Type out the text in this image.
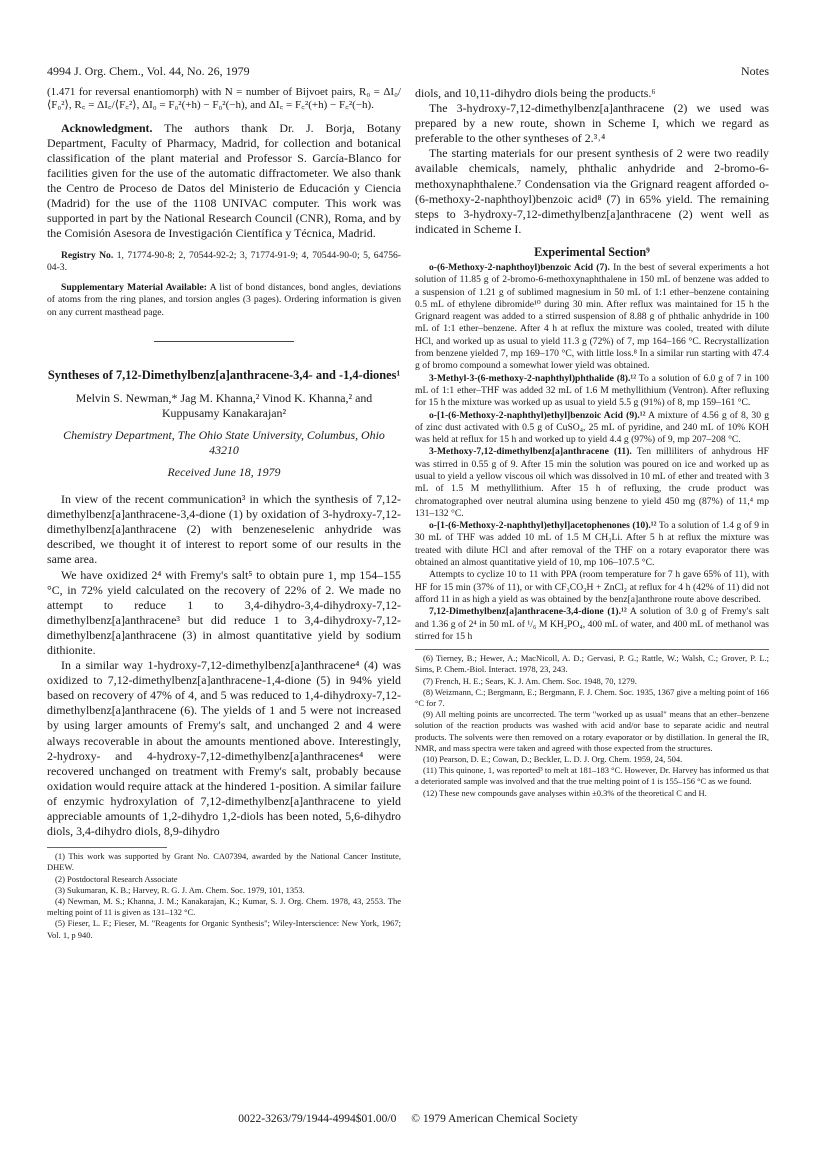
4994 J. Org. Chem., Vol. 44, No. 26, 1979	Notes

(1.471 for reversal enantiomorph) with N = number of Bijvoet pairs, R₀ = ΔI₀/⟨F₀²⟩, R꜀ = ΔI꜀/⟨F꜀²⟩, ΔI₀ = F₀²(+h) − F₀²(−h), and ΔI꜀ = F꜀²(+h) − F꜀²(−h).

Acknowledgment. The authors thank Dr. J. Borja, Botany Department, Faculty of Pharmacy, Madrid, for collection and botanical classification of the plant material and Professor S. García-Blanco for facilities given for the use of the automatic diffractometer. We also thank the Centro de Proceso de Datos del Ministerio de Educación y Ciencia (Madrid) for the use of the 1108 UNIVAC computer. This work was supported in part by the National Research Council (CNR), Roma, and by the Comisión Asesora de Investigación Científica y Técnica, Madrid.

Registry No. 1, 71774-90-8; 2, 70544-92-2; 3, 71774-91-9; 4, 70544-90-0; 5, 64756-04-3.

Supplementary Material Available: A list of bond distances, bond angles, deviations of atoms from the ring planes, and torsion angles (3 pages). Ordering information is given on any current masthead page.

Syntheses of 7,12-Dimethylbenz[a]anthracene-3,4- and -1,4-diones¹

Melvin S. Newman,* Jag M. Khanna,² Vinod K. Khanna,² and Kuppusamy Kanakarajan²

Chemistry Department, The Ohio State University, Columbus, Ohio 43210

Received June 18, 1979

In view of the recent communication³ in which the synthesis of 7,12-dimethylbenz[a]anthracene-3,4-dione (1) by oxidation of 3-hydroxy-7,12-dimethylbenz[a]anthracene (2) with benzeneselenic anhydride was described, we thought it of interest to report some of our results in the same area.

We have oxidized 2⁴ with Fremy's salt⁵ to obtain pure 1, mp 154–155 °C, in 72% yield calculated on the recovery of 22% of 2. We made no attempt to reduce 1 to 3,4-dihydro-3,4-dihydroxy-7,12-dimethylbenz[a]anthracene³ but did reduce 1 to 3,4-dihydroxy-7,12-dimethylbenz[a]anthracene (3) in almost quantitative yield by sodium dithionite.

In a similar way 1-hydroxy-7,12-dimethylbenz[a]anthracene⁴ (4) was oxidized to 7,12-dimethylbenz[a]anthracene-1,4-dione (5) in 94% yield based on recovery of 47% of 4, and 5 was reduced to 1,4-dihydroxy-7,12-dimethylbenz[a]anthracene (6). The yields of 1 and 5 were not increased by using larger amounts of Fremy's salt, and unchanged 2 and 4 were always recoverable in about the amounts mentioned above. Interestingly, 2-hydroxy- and 4-hydroxy-7,12-dimethylbenz[a]anthracenes⁴ were recovered unchanged on treatment with Fremy's salt, probably because oxidation would require attack at the hindered 1-position. A similar failure of enzymic hydroxylation of 7,12-dimethylbenz[a]anthracene to yield appreciable amounts of 1,2-dihydro 1,2-diols has been noted, 5,6-dihydro diols, 3,4-dihydro diols, 8,9-dihydro

(1) This work was supported by Grant No. CA07394, awarded by the National Cancer Institute, DHEW.

(2) Postdoctoral Research Associate

(3) Sukumaran, K. B.; Harvey, R. G. J. Am. Chem. Soc. 1979, 101, 1353.

(4) Newman, M. S.; Khanna, J. M.; Kanakarajan, K.; Kumar, S. J. Org. Chem. 1978, 43, 2553. The melting point of 11 is given as 131–132 °C.

(5) Fieser, L. F.; Fieser, M. "Reagents for Organic Synthesis"; Wiley-Interscience: New York, 1967; Vol. 1, p 940.

diols, and 10,11-dihydro diols being the products.⁶

The 3-hydroxy-7,12-dimethylbenz[a]anthracene (2) we used was prepared by a new route, shown in Scheme I, which we regard as preferable to the other syntheses of 2.³˒⁴

The starting materials for our present synthesis of 2 were two readily available chemicals, namely, phthalic anhydride and 2-bromo-6-methoxynaphthalene.⁷ Condensation via the Grignard reagent afforded o-(6-methoxy-2-naphthoyl)benzoic acid⁸ (7) in 65% yield. The remaining steps to 3-hydroxy-7,12-dimethylbenz[a]anthracene (2) went well as indicated in Scheme I.

Experimental Section⁹

o-(6-Methoxy-2-naphthoyl)benzoic Acid (7). In the best of several experiments a hot solution of 11.85 g of 2-bromo-6-methoxynaphthalene in 150 mL of benzene was added to a suspension of 1.21 g of sublimed magnesium in 50 mL of 1:1 ether–benzene containing 0.5 mL of ethylene dibromide¹⁰ during 30 min. After reflux was maintained for 15 h the Grignard reagent was added to a stirred suspension of 8.88 g of phthalic anhydride in 100 mL of 1:1 ether–benzene. After 4 h at reflux the mixture was cooled, treated with dilute HCl, and worked up as usual to yield 11.3 g (72%) of 7, mp 164–166 °C. Recrystallization from benzene yielded 7, mp 169–170 °C, with little loss.⁸ In a similar run starting with 47.4 g of bromo compound a somewhat lower yield was obtained.

3-Methyl-3-(6-methoxy-2-naphthyl)phthalide (8).¹² To a solution of 6.0 g of 7 in 100 mL of 1:1 ether–THF was added 32 mL of 1.6 M methyllithium (Ventron). After refluxing for 15 h the mixture was worked up as usual to yield 5.5 g (91%) of 8, mp 159–161 °C.

o-[1-(6-Methoxy-2-naphthyl)ethyl]benzoic Acid (9).¹² A mixture of 4.56 g of 8, 30 g of zinc dust activated with 0.5 g of CuSO₄, 25 mL of pyridine, and 240 mL of 10% KOH was held at reflux for 15 h and worked up to yield 4.4 g (97%) of 9, mp 207–208 °C.

3-Methoxy-7,12-dimethylbenz[a]anthracene (11). Ten milliliters of anhydrous HF was stirred in 0.55 g of 9. After 15 min the solution was poured on ice and worked up as usual to yield a yellow viscous oil which was dissolved in 10 mL of ether and treated with 3 mL of 1.5 M methyllithium. After 15 h of refluxing, the crude product was chromatographed over neutral alumina using benzene to yield 450 mg (87%) of 11,⁴ mp 131–132 °C.

o-[1-(6-Methoxy-2-naphthyl)ethyl]acetophenones (10).¹² To a solution of 1.4 g of 9 in 30 mL of THF was added 10 mL of 1.5 M CH₃Li. After 5 h at reflux the mixture was treated with dilute HCl and after removal of the THF on a rotary evaporator there was obtained an almost quantitative yield of 10, mp 106–107.5 °C.

Attempts to cyclize 10 to 11 with PPA (room temperature for 7 h gave 65% of 11), with HF for 15 min (37% of 11), or with CF₃CO₂H + ZnCl₂ at reflux for 4 h (42% of 11) did not afford 11 in as high a yield as was obtained by the benz[a]anthrone route above described.

7,12-Dimethylbenz[a]anthracene-3,4-dione (1).¹² A solution of 3.0 g of Fremy's salt and 1.36 g of 2⁴ in 50 mL of ¹/₆ M KH₂PO₄, 400 mL of water, and 400 mL of methanol was stirred for 15 h

(6) Tierney, B.; Hewer, A.; MacNicoll, A. D.; Gervasi, P. G.; Rattle, W.; Walsh, C.; Grover, P. L.; Sims, P. Chem.-Biol. Interact. 1978, 23, 243.

(7) French, H. E.; Sears, K. J. Am. Chem. Soc. 1948, 70, 1279.

(8) Weizmann, C.; Bergmann, E.; Bergmann, F. J. Chem. Soc. 1935, 1367 give a melting point of 166 °C for 7.

(9) All melting points are uncorrected. The term "worked up as usual" means that an ether–benzene solution of the reaction products was washed with acid and/or base to separate acidic and neutral products. The solvents were then removed on a rotary evaporator or by distillation. In general the IR, NMR, and mass spectra were taken and agreed with those expected from the structures.

(10) Pearson, D. E.; Cowan, D.; Beckler, L. D. J. Org. Chem. 1959, 24, 504.

(11) This quinone, 1, was reported³ to melt at 181–183 °C. However, Dr. Harvey has informed us that a deteriorated sample was involved and that the true melting point of 1 is 155–156 °C as we found.

(12) These new compounds gave analyses within ±0.3% of the theoretical C and H.

0022-3263/79/1944-4994$01.00/0 © 1979 American Chemical Society
